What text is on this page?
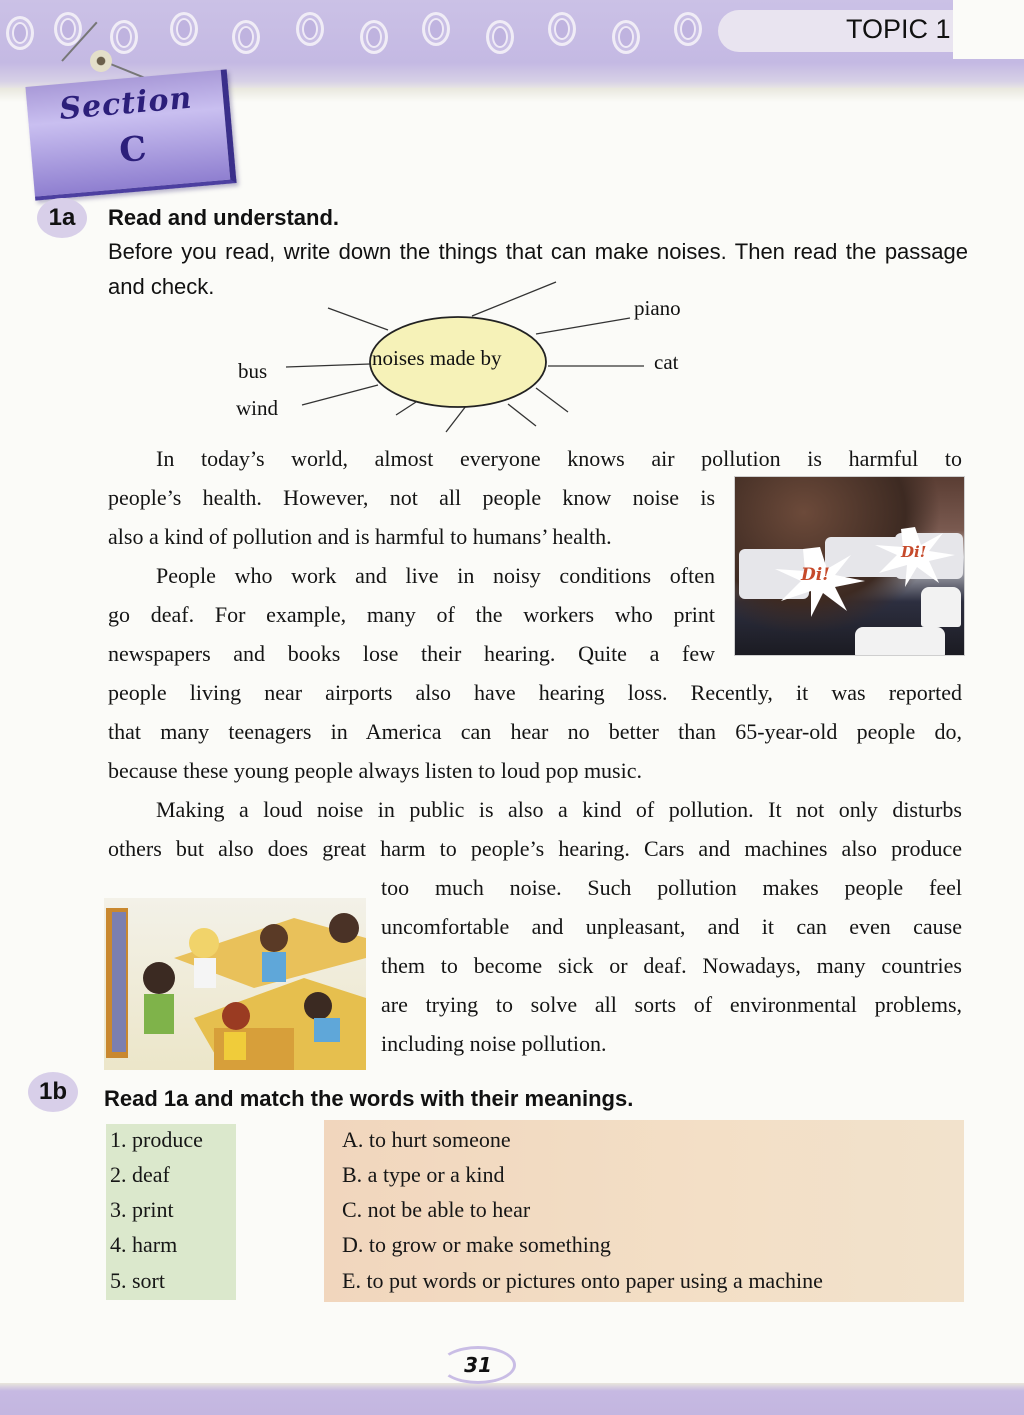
TOPIC 1
Section
C
1a	Read and understand.
Before you read, write down the things that can make noises. Then read the passage and check.
noises made by
piano
cat
bus
wind

In today’s world, almost everyone knows air pollution is harmful to

people’s health. However, not all people know noise is

also a kind of pollution and is harmful to humans’ health.

People who work and live in noisy conditions often

go deaf. For example, many of the workers who print

newspapers and books lose their hearing. Quite a few

people living near airports also have hearing loss. Recently, it was reported

that many teenagers in America can hear no better than 65-year-old people do,

because these young people always listen to loud pop music.

Making a loud noise in public is also a kind of pollution. It not only disturbs

others but also does great harm to people’s hearing. Cars and machines also produce

too much noise. Such pollution makes people feel

uncomfortable and unpleasant, and it can even cause

them to become sick or deaf. Nowadays, many countries

are trying to solve all sorts of environmental problems,

including noise pollution.

Di!
Di!
1b	Read 1a and match the words with their meanings.
1. produce
2. deaf
3. print
4. harm
5. sort
A. to hurt someone
B. a type or a kind
C. not be able to hear
D. to grow or make something
E. to put words or pictures onto paper using a machine
31
